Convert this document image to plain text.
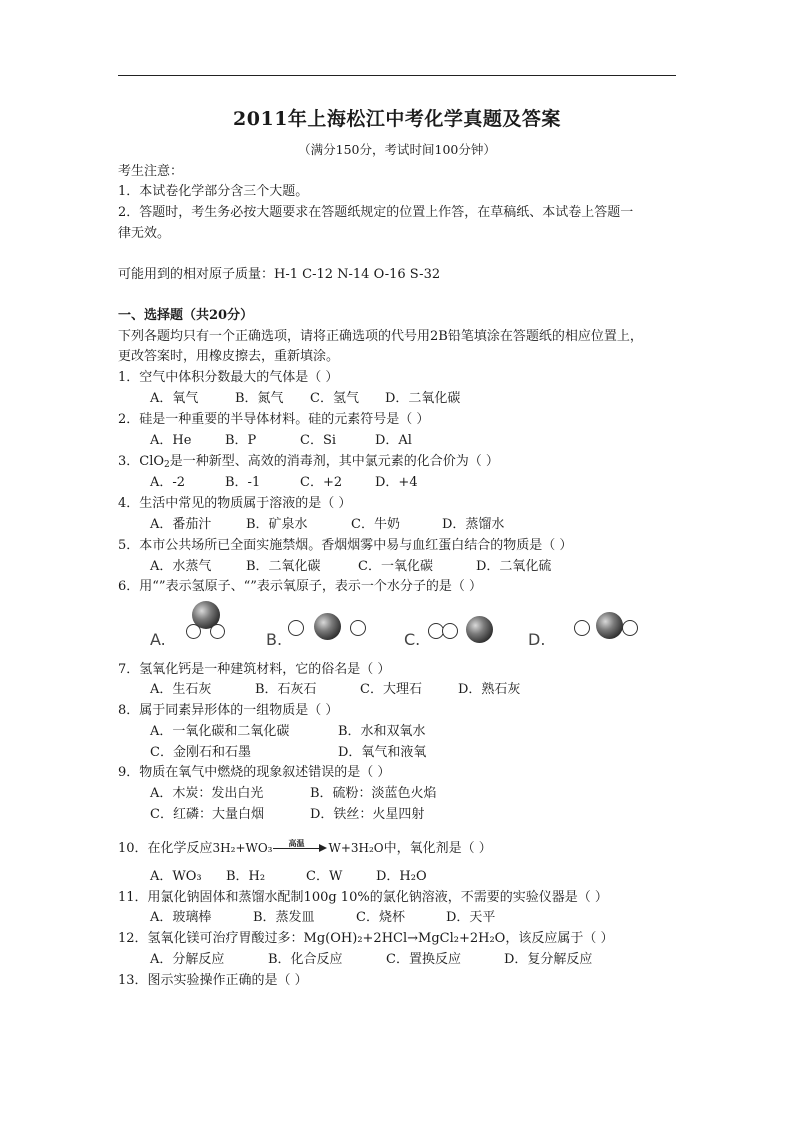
2011年上海松江中考化学真题及答案
（满分150分，考试时间100分钟）
考生注意：
1．本试卷化学部分含三个大题。
2．答题时，考生务必按大题要求在答题纸规定的位置上作答，在草稿纸、本试卷上答题一
律无效。
可能用到的相对原子质量：H-1 C-12 N-14 O-16 S-32
一、选择题（共20分）
下列各题均只有一个正确选项，请将正确选项的代号用2B铅笔填涂在答题纸的相应位置上，
更改答案时，用橡皮擦去，重新填涂。
1．空气中体积分数最大的气体是（ ）
A．氧气	B．氮气 C．氢气 D．二氧化碳
2．硅是一种重要的半导体材料。硅的元素符号是（ ）
A．He	B．P	C．Si	D．Al
3．ClO$_2$是一种新型、高效的消毒剂，其中氯元素的化合价为（ ）
A．-2	B．-1	C．+2	D．+4
4．生活中常见的物质属于溶液的是（ ）
A．番茄汁	B．矿泉水	C．牛奶	D．蒸馏水
5．本市公共场所已全面实施禁烟。香烟烟雾中易与血红蛋白结合的物质是（ ）
A．水蒸气	B．二氧化碳	C．一氧化碳	D．二氧化硫
6．用“”表示氢原子、“”表示氧原子，表示一个水分子的是（ ）
A.	B.	C.	D.
7．氢氧化钙是一种建筑材料，它的俗名是（ ）
A．生石灰	B．石灰石	C．大理石	D．熟石灰
8．属于同素异形体的一组物质是（ ）
A．一氧化碳和二氧化碳	B．水和双氧水
C．金刚石和石墨	D．氧气和液氧
9．物质在氧气中燃烧的现象叙述错误的是（ ）
A．木炭：发出白光	B．硫粉：淡蓝色火焰
C．红磷：大量白烟	D．铁丝：火星四射
10．在化学反应3H₂+WO₃	高温	W+3H₂O中，氧化剂是（ ）
A．WO₃ B．H₂	C．W	D．H₂O
11．用氯化钠固体和蒸馏水配制100g 10%的氯化钠溶液，不需要的实验仪器是（ ）
A．玻璃棒	B．蒸发皿	C．烧杯	D．天平
12．氢氧化镁可治疗胃酸过多：Mg(OH)₂+2HCl→MgCl₂+2H₂O，该反应属于（ ）
A．分解反应	B．化合反应	C．置换反应	D．复分解反应
13．图示实验操作正确的是（ ）
